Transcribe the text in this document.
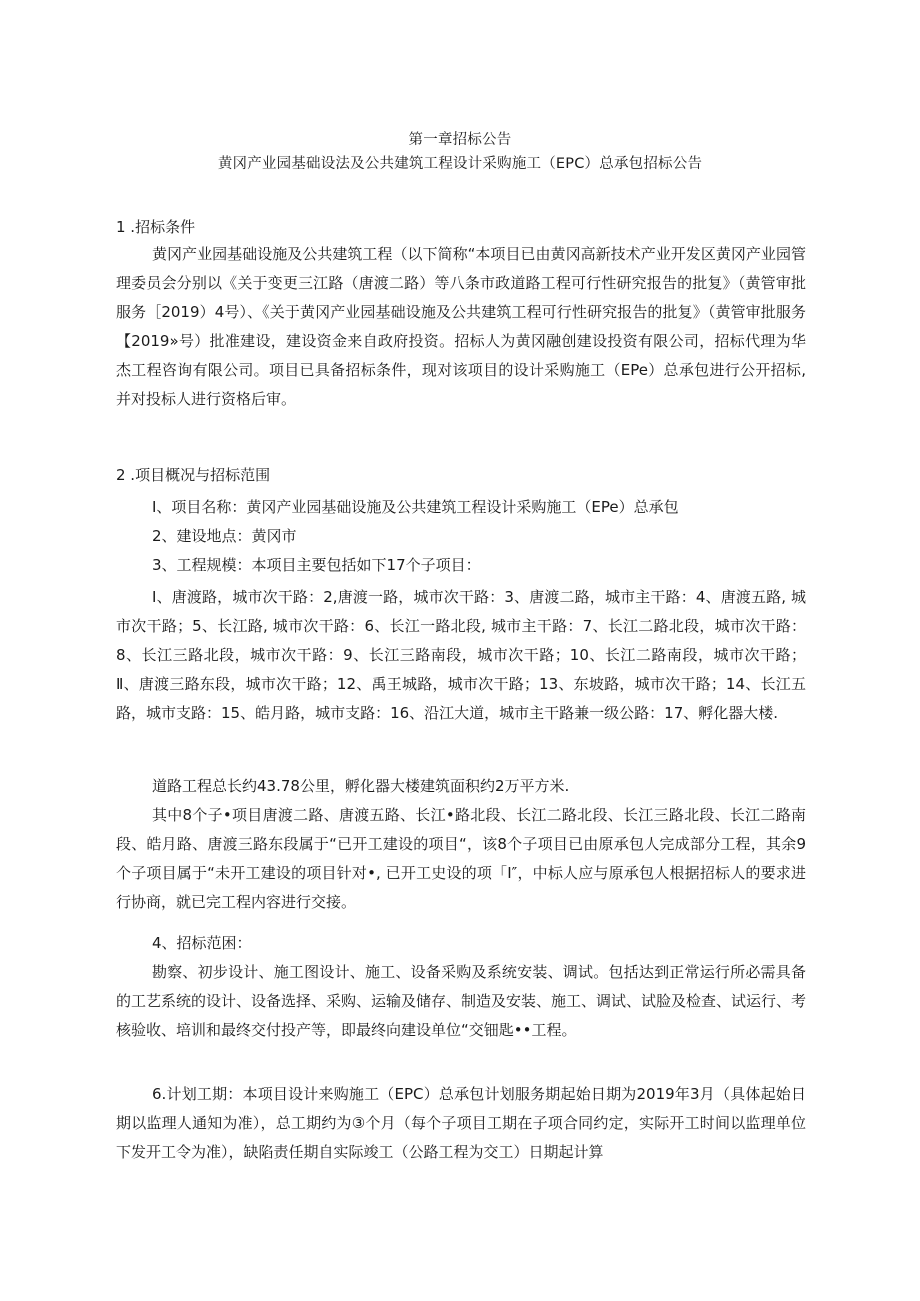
第一章招标公告
黄冈产业园基础设法及公共建筑工程设计采购施工（EPC）总承包招标公告
1 .招标条件

黄冈产业园基础设施及公共建筑工程（以下简称“本项目已由黄冈高新技术产业开发区黄冈产业园管理委员会分别以《关于变更三江路（唐渡二路）等八条市政道路工程可行性研究报告的批复》（黄管审批服务［2019）4号）、《关于黄冈产业园基础设施及公共建筑工程可行性研究报告的批复》（黄管审批服务【2019»号）批准建设，建设资金来自政府投资。招标人为黄冈融创建设投资有限公司，招标代理为华杰工程咨询有限公司。项目已具备招标条件，现对该项目的设计采购施工（EPe）总承包进行公开招标, 并对投标人进行资格后审。

2 .项目概况与招标范围
I、项目名称：黄冈产业园基础设施及公共建筑工程设计采购施工（EPe）总承包
2、建设地点：黄冈市
3、工程规模：本项目主要包括如下17个子项目：

I、唐渡路，城市次干路：2,唐渡一路，城市次干路：3、唐渡二路，城市主干路：4、唐渡五路, 城市次干路；5、长江路, 城市次干路：6、长江一路北段, 城市主干路：7、长江二路北段，城市次干路：8、长江三路北段，城市次干路：9、长江三路南段，城市次干路；10、长江二路南段，城市次干路；Ⅱ、唐渡三路东段，城市次干路；12、禹王城路，城市次干路；13、东坡路，城市次干路；14、长江五路，城市支路：15、皓月路，城市支路：16、沿江大道，城市主干路兼一级公路：17、孵化器大楼.

道路工程总长约43.78公里，孵化器大楼建筑面积约2万平方米.

其中8个子•项目唐渡二路、唐渡五路、长江•路北段、长江二路北段、长江三路北段、长江二路南段、皓月路、唐渡三路东段属于“已开工建设的项目“，该8个子项目已由原承包人完成部分工程，其余9个子项目属于“未开工建设的项目针对•, 已开工史设的项「I″，中标人应与原承包人根据招标人的要求进行协商，就已完工程内容进行交接。

4、招标范困：

勘察、初步设计、施工图设计、施工、设备采购及系统安装、调试。包括达到正常运行所必需具备的工艺系统的设计、设备选择、采购、运输及储存、制造及安装、施工、调试、试脸及检查、试运行、考核验收、培训和最终交付投产等，即最终向建设单位“交钿匙••工程。

6.计划工期：本项目设计来购施工（EPC）总承包计划服务期起始日期为2019年3月（具体起始日期以监理人通知为准），总工期约为③个月（每个子项目工期在子项合同约定，实际开工时间以监理单位下发开工令为准），缺陷责任期自实际竣工（公路工程为交工）日期起计算
